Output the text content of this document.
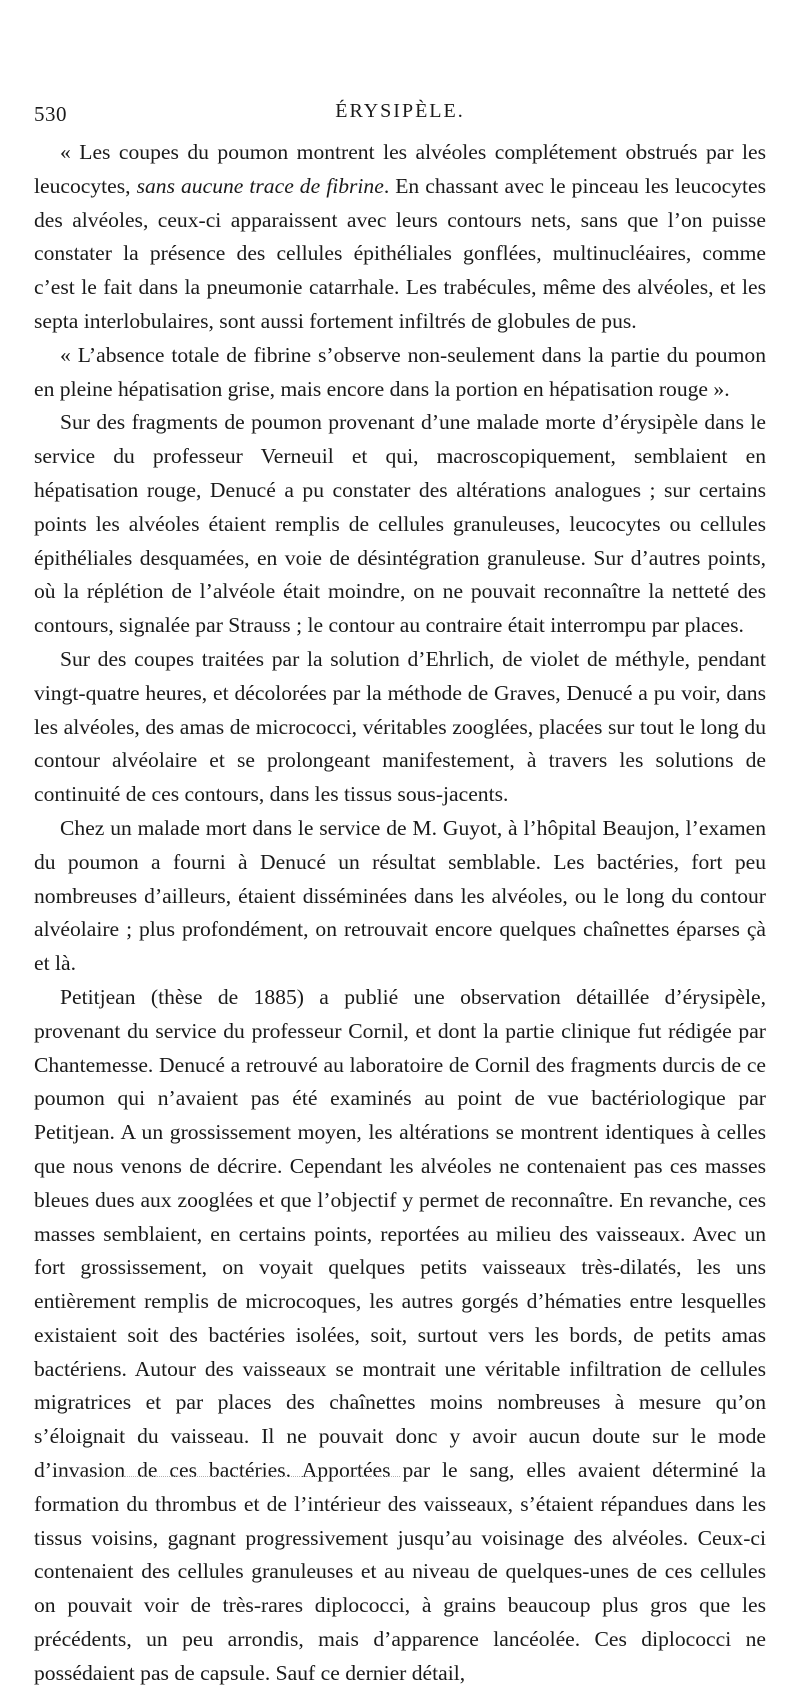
530	ÉRYSIPÈLE.

« Les coupes du poumon montrent les alvéoles complétement obstrués par les leucocytes, sans aucune trace de fibrine. En chassant avec le pinceau les leucocytes des alvéoles, ceux-ci apparaissent avec leurs contours nets, sans que l’on puisse constater la présence des cellules épithéliales gonflées, multinucléaires, comme c’est le fait dans la pneumonie catarrhale. Les trabécules, même des alvéoles, et les septa interlobulaires, sont aussi fortement infiltrés de globules de pus.

« L’absence totale de fibrine s’observe non-seulement dans la partie du poumon en pleine hépatisation grise, mais encore dans la portion en hépatisation rouge ».

Sur des fragments de poumon provenant d’une malade morte d’érysipèle dans le service du professeur Verneuil et qui, macroscopiquement, semblaient en hépatisation rouge, Denucé a pu constater des altérations analogues ; sur certains points les alvéoles étaient remplis de cellules granuleuses, leucocytes ou cellules épithéliales desquamées, en voie de désintégration granuleuse. Sur d’autres points, où la réplétion de l’alvéole était moindre, on ne pouvait reconnaître la netteté des contours, signalée par Strauss ; le contour au contraire était interrompu par places.

Sur des coupes traitées par la solution d’Ehrlich, de violet de méthyle, pendant vingt-quatre heures, et décolorées par la méthode de Graves, Denucé a pu voir, dans les alvéoles, des amas de micrococci, véritables zooglées, placées sur tout le long du contour alvéolaire et se prolongeant manifestement, à travers les solutions de continuité de ces contours, dans les tissus sous-jacents.

Chez un malade mort dans le service de M. Guyot, à l’hôpital Beaujon, l’examen du poumon a fourni à Denucé un résultat semblable. Les bactéries, fort peu nombreuses d’ailleurs, étaient disséminées dans les alvéoles, ou le long du contour alvéolaire ; plus profondément, on retrouvait encore quelques chaînettes éparses çà et là.

Petitjean (thèse de 1885) a publié une observation détaillée d’érysipèle, provenant du service du professeur Cornil, et dont la partie clinique fut rédigée par Chantemesse. Denucé a retrouvé au laboratoire de Cornil des fragments durcis de ce poumon qui n’avaient pas été examinés au point de vue bactériologique par Petitjean. A un grossissement moyen, les altérations se montrent identiques à celles que nous venons de décrire. Cependant les alvéoles ne contenaient pas ces masses bleues dues aux zooglées et que l’objectif y permet de reconnaître. En revanche, ces masses semblaient, en certains points, reportées au milieu des vaisseaux. Avec un fort grossissement, on voyait quelques petits vaisseaux très-dilatés, les uns entièrement remplis de microcoques, les autres gorgés d’hématies entre lesquelles existaient soit des bactéries isolées, soit, surtout vers les bords, de petits amas bactériens. Autour des vaisseaux se montrait une véritable infiltration de cellules migratrices et par places des chaînettes moins nombreuses à mesure qu’on s’éloignait du vaisseau. Il ne pouvait donc y avoir aucun doute sur le mode d’invasion de ces bactéries. Apportées par le sang, elles avaient déterminé la formation du thrombus et de l’intérieur des vaisseaux, s’étaient répandues dans les tissus voisins, gagnant progressivement jusqu’au voisinage des alvéoles. Ceux-ci contenaient des cellules granuleuses et au niveau de quelques-unes de ces cellules on pouvait voir de très-rares diplococci, à grains beaucoup plus gros que les précédents, un peu arrondis, mais d’apparence lancéolée. Ces diplococci ne possédaient pas de capsule. Sauf ce dernier détail,
